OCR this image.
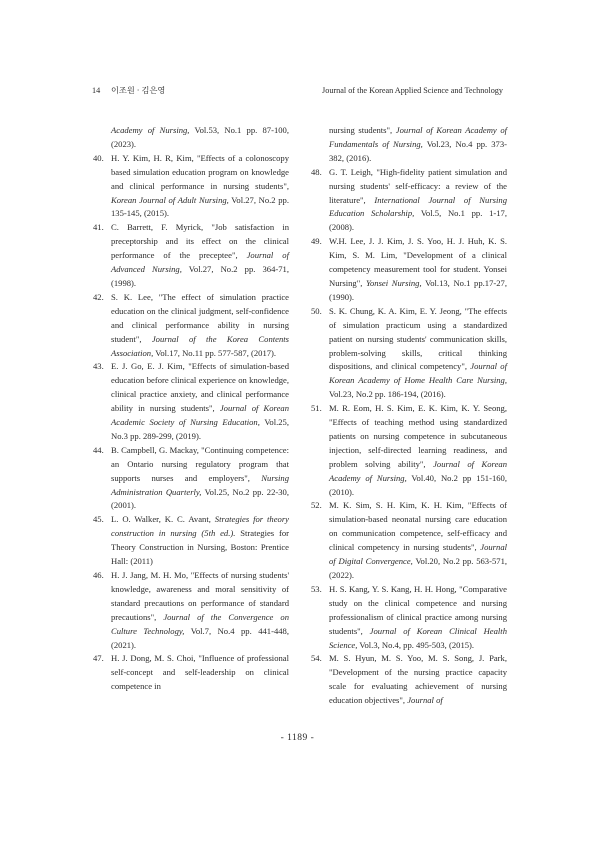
14 이조원 · 김은영	Journal of the Korean Applied Science and Technology

Academy of Nursing, Vol.53, No.1 pp. 87-100, (2023).

40. H. Y. Kim, H. R, Kim, "Effects of a colonoscopy based simulation education program on knowledge and clinical performance in nursing students", Korean Journal of Adult Nursing, Vol.27, No.2 pp. 135-145, (2015).

41. C. Barrett, F. Myrick, "Job satisfaction in preceptorship and its effect on the clinical performance of the preceptee", Journal of Advanced Nursing, Vol.27, No.2 pp. 364-71, (1998).

42. S. K. Lee, "The effect of simulation practice education on the clinical judgment, self-confidence and clinical performance ability in nursing student", Journal of the Korea Contents Association, Vol.17, No.11 pp. 577-587, (2017).

43. E. J. Go, E. J. Kim, "Effects of simulation-based education before clinical experience on knowledge, clinical practice anxiety, and clinical performance ability in nursing students", Journal of Korean Academic Society of Nursing Education, Vol.25, No.3 pp. 289-299, (2019).

44. B. Campbell, G. Mackay, "Continuing competence: an Ontario nursing regulatory program that supports nurses and employers", Nursing Administration Quarterly, Vol.25, No.2 pp. 22-30, (2001).

45. L. O. Walker, K. C. Avant, Strategies for theory construction in nursing (5th ed.). Strategies for Theory Construction in Nursing, Boston: Prentice Hall: (2011)

46. H. J. Jang, M. H. Mo, "Effects of nursing students' knowledge, awareness and moral sensitivity of standard precautions on performance of standard precautions", Journal of the Convergence on Culture Technology, Vol.7, No.4 pp. 441-448, (2021).

47. H. J. Dong, M. S. Choi, "Influence of professional self-concept and self-leadership on clinical competence in

nursing students", Journal of Korean Academy of Fundamentals of Nursing, Vol.23, No.4 pp. 373-382, (2016).

48. G. T. Leigh, "High-fidelity patient simulation and nursing students' self-efficacy: a review of the literature", International Journal of Nursing Education Scholarship, Vol.5, No.1 pp. 1-17, (2008).

49. W.H. Lee, J. J. Kim, J. S. Yoo, H. J. Huh, K. S. Kim, S. M. Lim, "Development of a clinical competency measurement tool for student. Yonsei Nursing", Yonsei Nursing, Vol.13, No.1 pp.17-27, (1990).

50. S. K. Chung, K. A. Kim, E. Y. Jeong, "The effects of simulation practicum using a standardized patient on nursing students' communication skills, problem-solving skills, critical thinking dispositions, and clinical competency", Journal of Korean Academy of Home Health Care Nursing, Vol.23, No.2 pp. 186-194, (2016).

51. M. R. Eom, H. S. Kim, E. K. Kim, K. Y. Seong, "Effects of teaching method using standardized patients on nursing competence in subcutaneous injection, self-directed learning readiness, and problem solving ability", Journal of Korean Academy of Nursing, Vol.40, No.2 pp 151-160, (2010).

52. M. K. Sim, S. H. Kim, K. H. Kim, "Effects of simulation-based neonatal nursing care education on communication competence, self-efficacy and clinical competency in nursing students", Journal of Digital Convergence, Vol.20, No.2 pp. 563-571, (2022).

53. H. S. Kang, Y. S. Kang, H. H. Hong, "Comparative study on the clinical competence and nursing professionalism of clinical practice among nursing students", Journal of Korean Clinical Health Science, Vol.3, No.4, pp. 495-503, (2015).

54. M. S. Hyun, M. S. Yoo, M. S. Song, J. Park, "Development of the nursing practice capacity scale for evaluating achievement of nursing education objectives", Journal of

- 1189 -
